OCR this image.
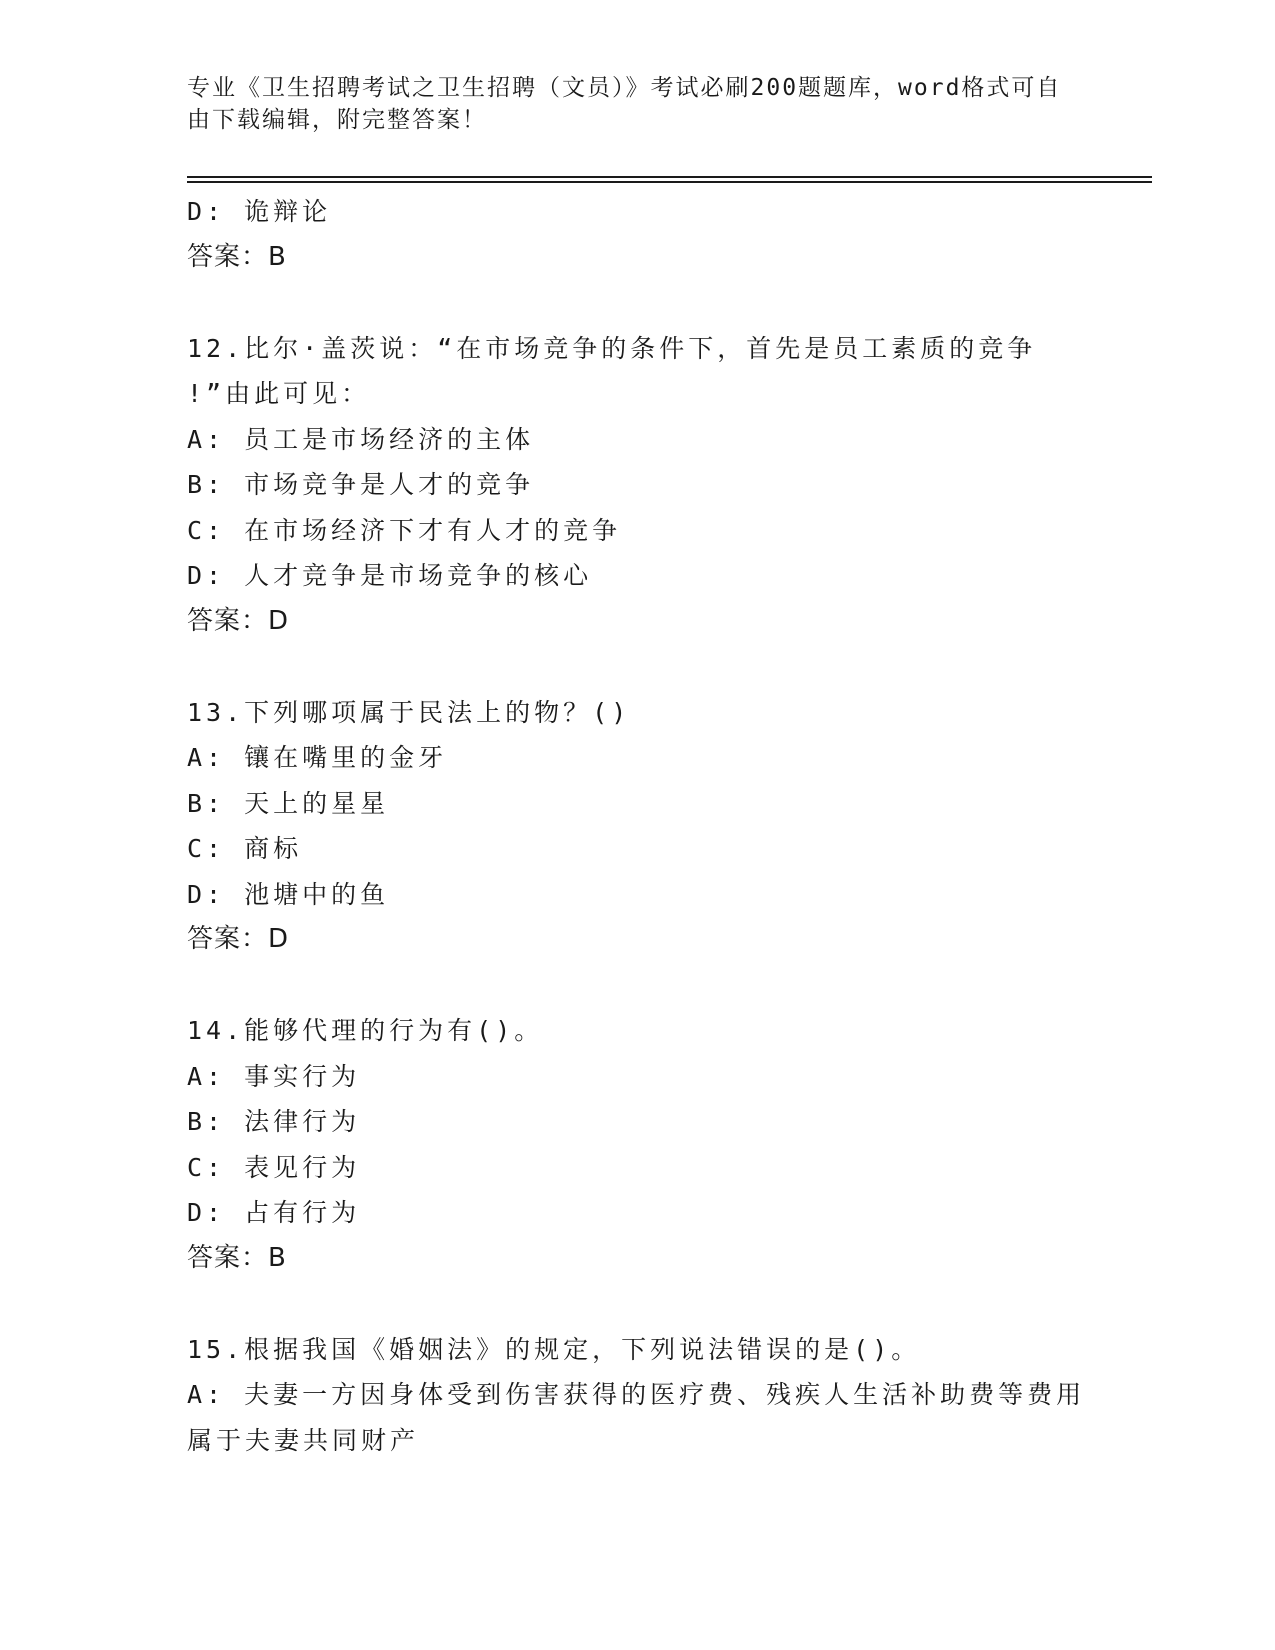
专业《卫生招聘考试之卫生招聘（文员）》考试必刷200题题库，word格式可自
由下载编辑，附完整答案！
D: 诡辩论
答案：B
12.比尔·盖茨说：“在市场竞争的条件下，首先是员工素质的竞争
!”由此可见：
A: 员工是市场经济的主体
B: 市场竞争是人才的竞争
C: 在市场经济下才有人才的竞争
D: 人才竞争是市场竞争的核心
答案：D
13.下列哪项属于民法上的物？()
A: 镶在嘴里的金牙
B: 天上的星星
C: 商标
D: 池塘中的鱼
答案：D
14.能够代理的行为有()。
A: 事实行为
B: 法律行为
C: 表见行为
D: 占有行为
答案：B
15.根据我国《婚姻法》的规定，下列说法错误的是()。
A: 夫妻一方因身体受到伤害获得的医疗费、残疾人生活补助费等费用
属于夫妻共同财产
